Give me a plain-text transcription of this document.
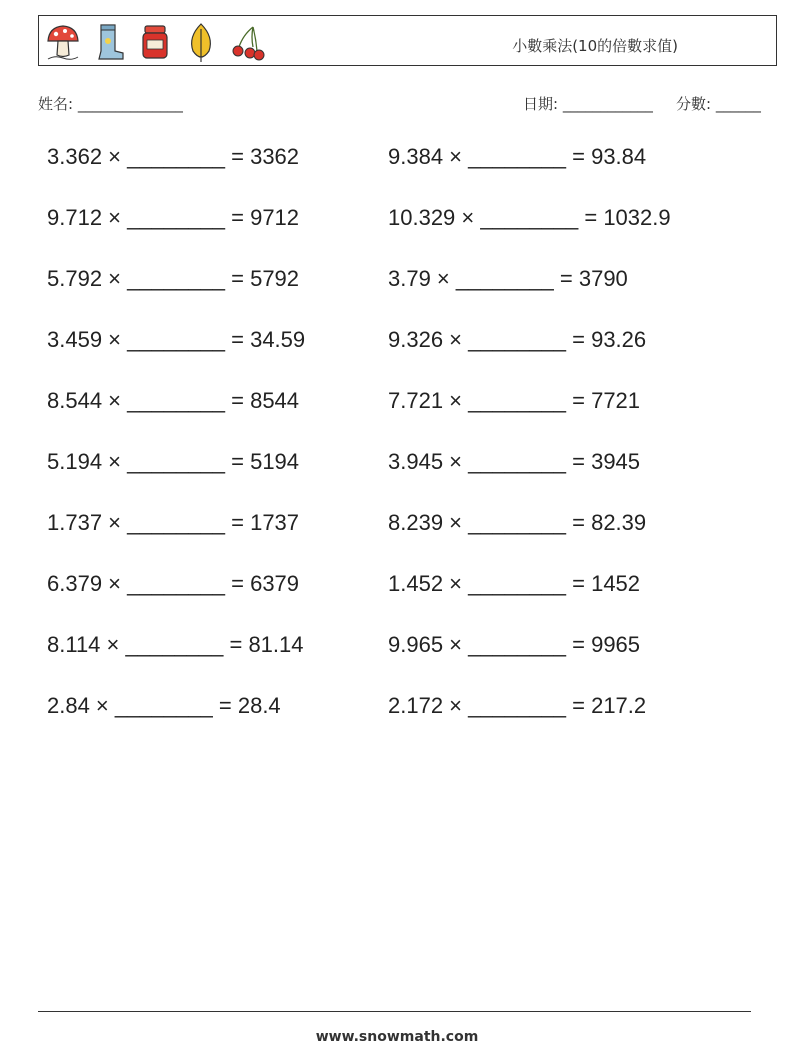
小數乘法(10的倍數求值)
姓名: ______________	日期: ____________ 分數: ______
3.362 × ________ = 3362	9.384 × ________ = 93.84
9.712 × ________ = 9712	10.329 × ________ = 1032.9
5.792 × ________ = 5792	3.79 × ________ = 3790
3.459 × ________ = 34.59	9.326 × ________ = 93.26
8.544 × ________ = 8544	7.721 × ________ = 7721
5.194 × ________ = 5194	3.945 × ________ = 3945
1.737 × ________ = 1737	8.239 × ________ = 82.39
6.379 × ________ = 6379	1.452 × ________ = 1452
8.114 × ________ = 81.14	9.965 × ________ = 9965
2.84 × ________ = 28.4	2.172 × ________ = 217.2
www.snowmath.com
